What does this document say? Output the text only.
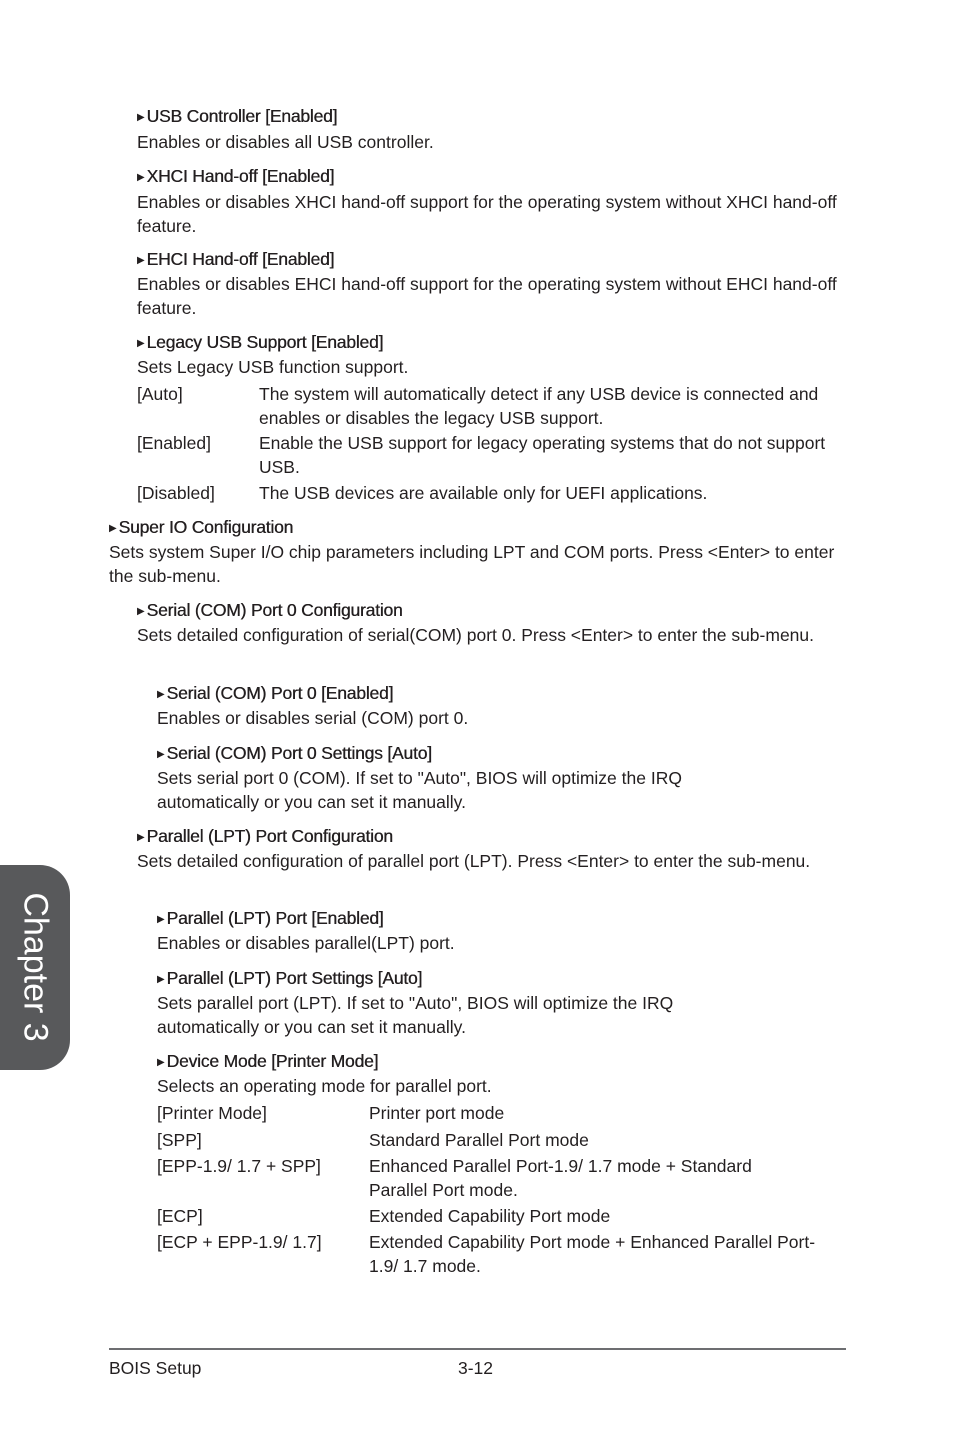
▶ USB Controller [Enabled]
Enables or disables all USB controller.
▶ XHCI Hand-off [Enabled]
Enables or disables XHCI hand-off support for the operating system without XHCI hand-off feature.
▶ EHCI Hand-off [Enabled]
Enables or disables EHCI hand-off support for the operating system without EHCI hand-off feature.
▶ Legacy USB Support [Enabled]
Sets Legacy USB function support.
[Auto]	The system will automatically detect if any USB device is connected and enables or disables the legacy USB support.
[Enabled]	Enable the USB support for legacy operating systems that do not support USB.
[Disabled]	The USB devices are available only for UEFI applications.
▶ Super IO Configuration
Sets system Super I/O chip parameters including LPT and COM ports. Press <Enter> to enter the sub-menu.
▶ Serial (COM) Port 0 Configuration
Sets detailed configuration of serial(COM) port 0. Press <Enter> to enter the sub-menu.
▶ Serial (COM) Port 0 [Enabled]
Enables or disables serial (COM) port 0.
▶ Serial (COM) Port 0 Settings [Auto]
Sets serial port 0 (COM). If set to "Auto", BIOS will optimize the IRQ automatically or you can set it manually.
▶ Parallel (LPT) Port Configuration
Sets detailed configuration of parallel port (LPT). Press <Enter> to enter the sub-menu.
▶ Parallel (LPT) Port [Enabled]
Enables or disables parallel(LPT) port.
▶ Parallel (LPT) Port Settings [Auto]
Sets parallel port (LPT). If set to "Auto", BIOS will optimize the IRQ automatically or you can set it manually.
▶ Device Mode [Printer Mode]
Selects an operating mode for parallel port.
[Printer Mode]	Printer port mode
[SPP]	Standard Parallel Port mode
[EPP-1.9/ 1.7 + SPP]	Enhanced Parallel Port-1.9/ 1.7 mode + Standard Parallel Port mode.
[ECP]	Extended Capability Port mode
[ECP + EPP-1.9/ 1.7]	Extended Capability Port mode + Enhanced Parallel Port-1.9/ 1.7 mode.
Chapter 3
BOIS Setup	3-12
